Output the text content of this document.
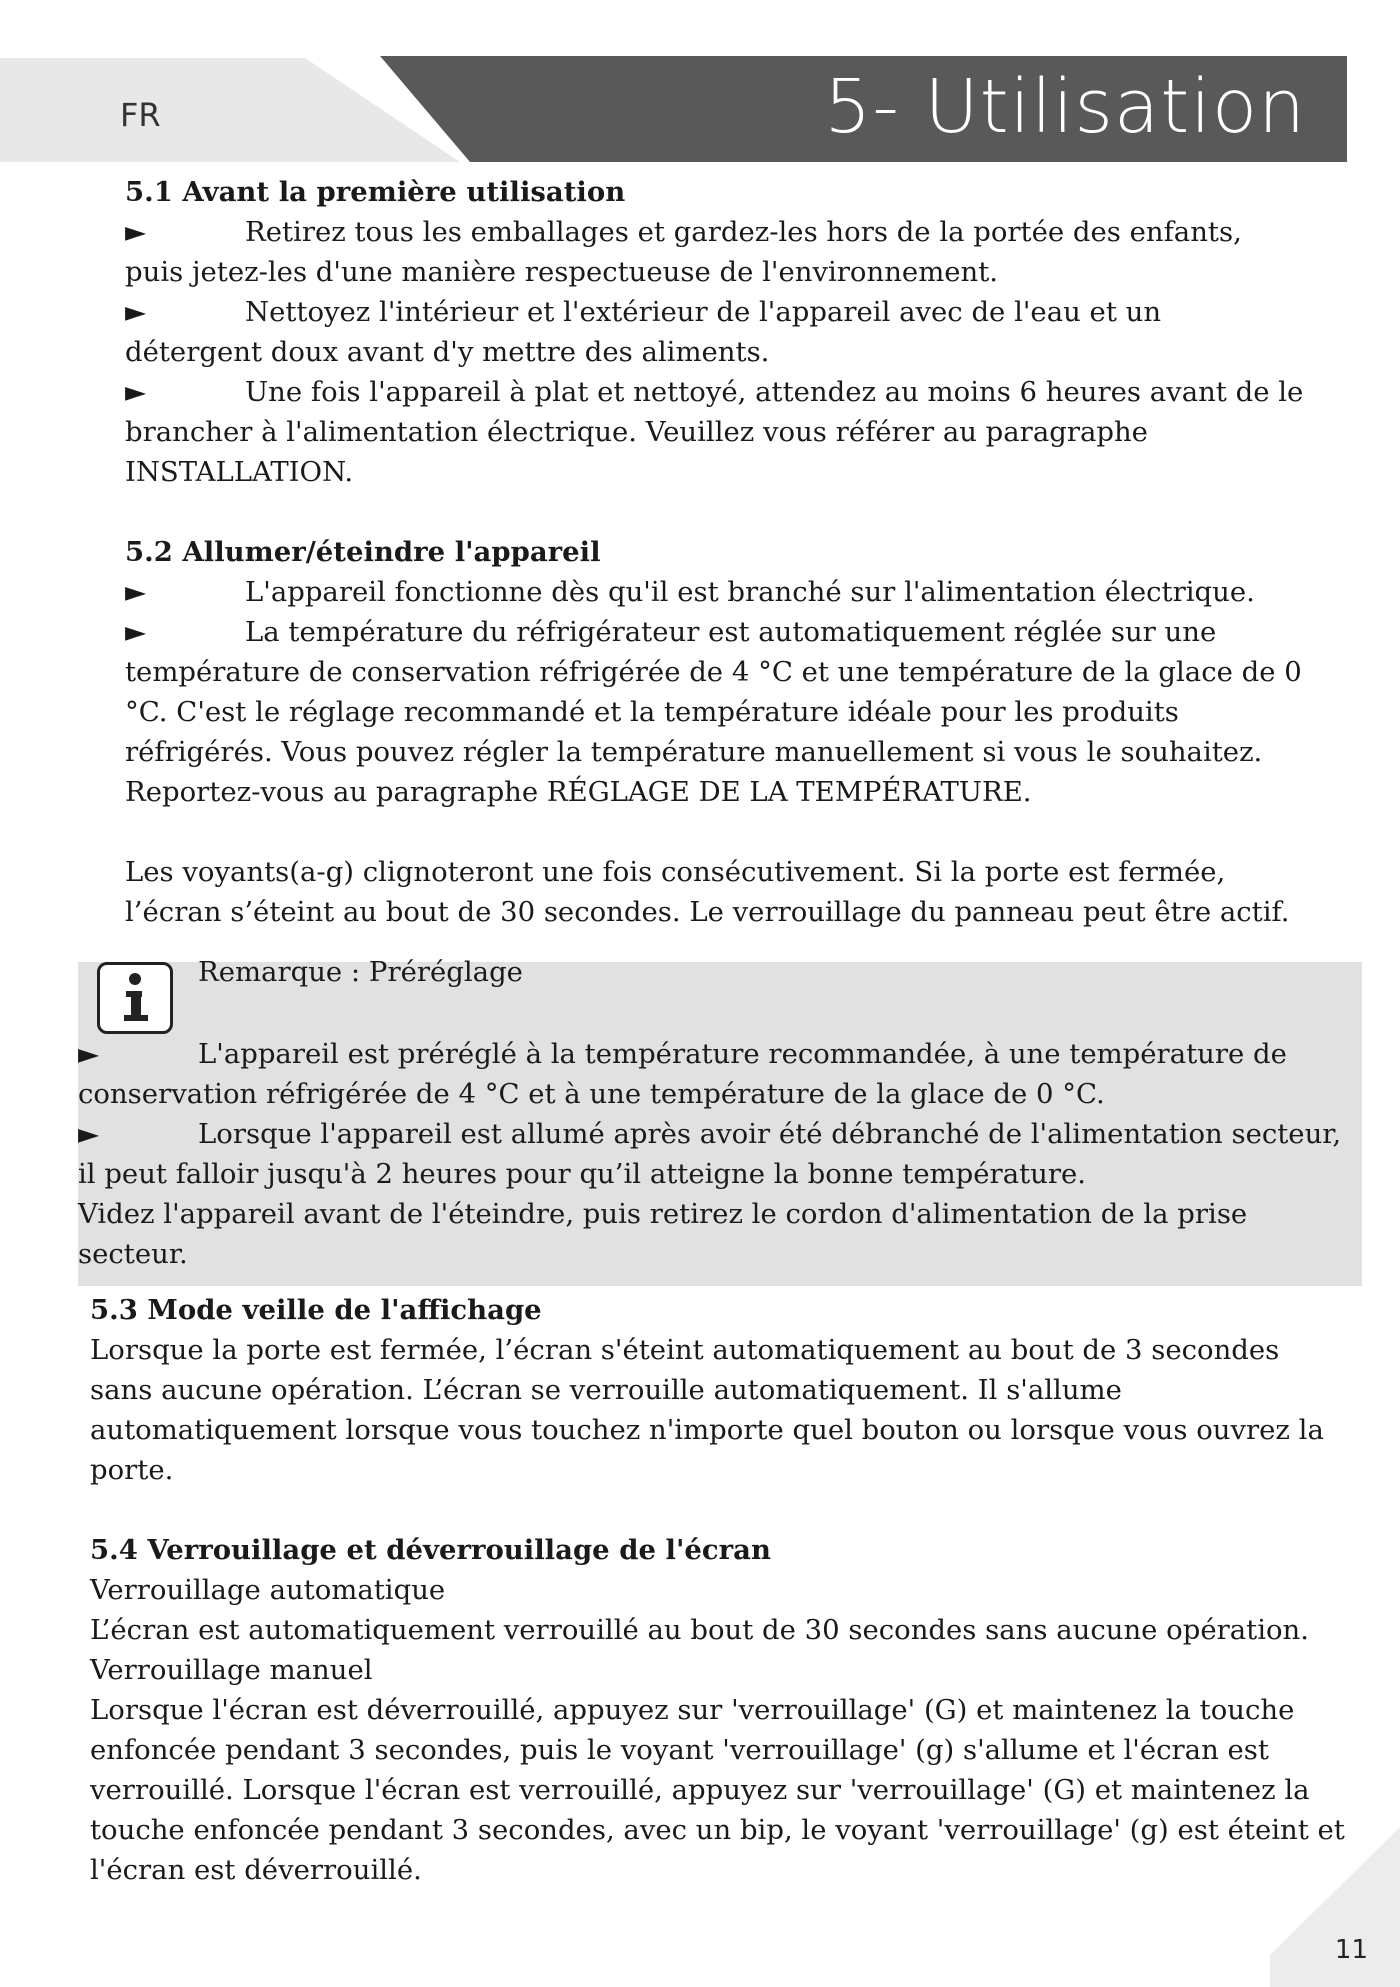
FR	5- Utilisation

5.1 Avant la première utilisation

►	Retirez tous les emballages et gardez-les hors de la portée des enfants,

puis jetez-les d'une manière respectueuse de l'environnement.

►	Nettoyez l'intérieur et l'extérieur de l'appareil avec de l'eau et un

détergent doux avant d'y mettre des aliments.

►	Une fois l'appareil à plat et nettoyé, attendez au moins 6 heures avant de le

brancher à l'alimentation électrique. Veuillez vous référer au paragraphe

INSTALLATION.

5.2 Allumer/éteindre l'appareil

►	L'appareil fonctionne dès qu'il est branché sur l'alimentation électrique.

►	La température du réfrigérateur est automatiquement réglée sur une

température de conservation réfrigérée de 4 °C et une température de la glace de 0

°C. C'est le réglage recommandé et la température idéale pour les produits

réfrigérés. Vous pouvez régler la température manuellement si vous le souhaitez.

Reportez-vous au paragraphe RÉGLAGE DE LA TEMPÉRATURE.

Les voyants(a-g) clignoteront une fois consécutivement. Si la porte est fermée,

l’écran s’éteint au bout de 30 secondes. Le verrouillage du panneau peut être actif.

Remarque : Préréglage

►	L'appareil est préréglé à la température recommandée, à une température de

conservation réfrigérée de 4 °C et à une température de la glace de 0 °C.

►	Lorsque l'appareil est allumé après avoir été débranché de l'alimentation secteur,

il peut falloir jusqu'à 2 heures pour qu’il atteigne la bonne température.

Videz l'appareil avant de l'éteindre, puis retirez le cordon d'alimentation de la prise

secteur.

5.3 Mode veille de l'affichage

Lorsque la porte est fermée, l’écran s'éteint automatiquement au bout de 3 secondes

sans aucune opération. L’écran se verrouille automatiquement. Il s'allume

automatiquement lorsque vous touchez n'importe quel bouton ou lorsque vous ouvrez la

porte.

5.4 Verrouillage et déverrouillage de l'écran

Verrouillage automatique

L’écran est automatiquement verrouillé au bout de 30 secondes sans aucune opération.

Verrouillage manuel

Lorsque l'écran est déverrouillé, appuyez sur 'verrouillage' (G) et maintenez la touche

enfoncée pendant 3 secondes, puis le voyant 'verrouillage' (g) s'allume et l'écran est

verrouillé. Lorsque l'écran est verrouillé, appuyez sur 'verrouillage' (G) et maintenez la

touche enfoncée pendant 3 secondes, avec un bip, le voyant 'verrouillage' (g) est éteint et

l'écran est déverrouillé.

11
